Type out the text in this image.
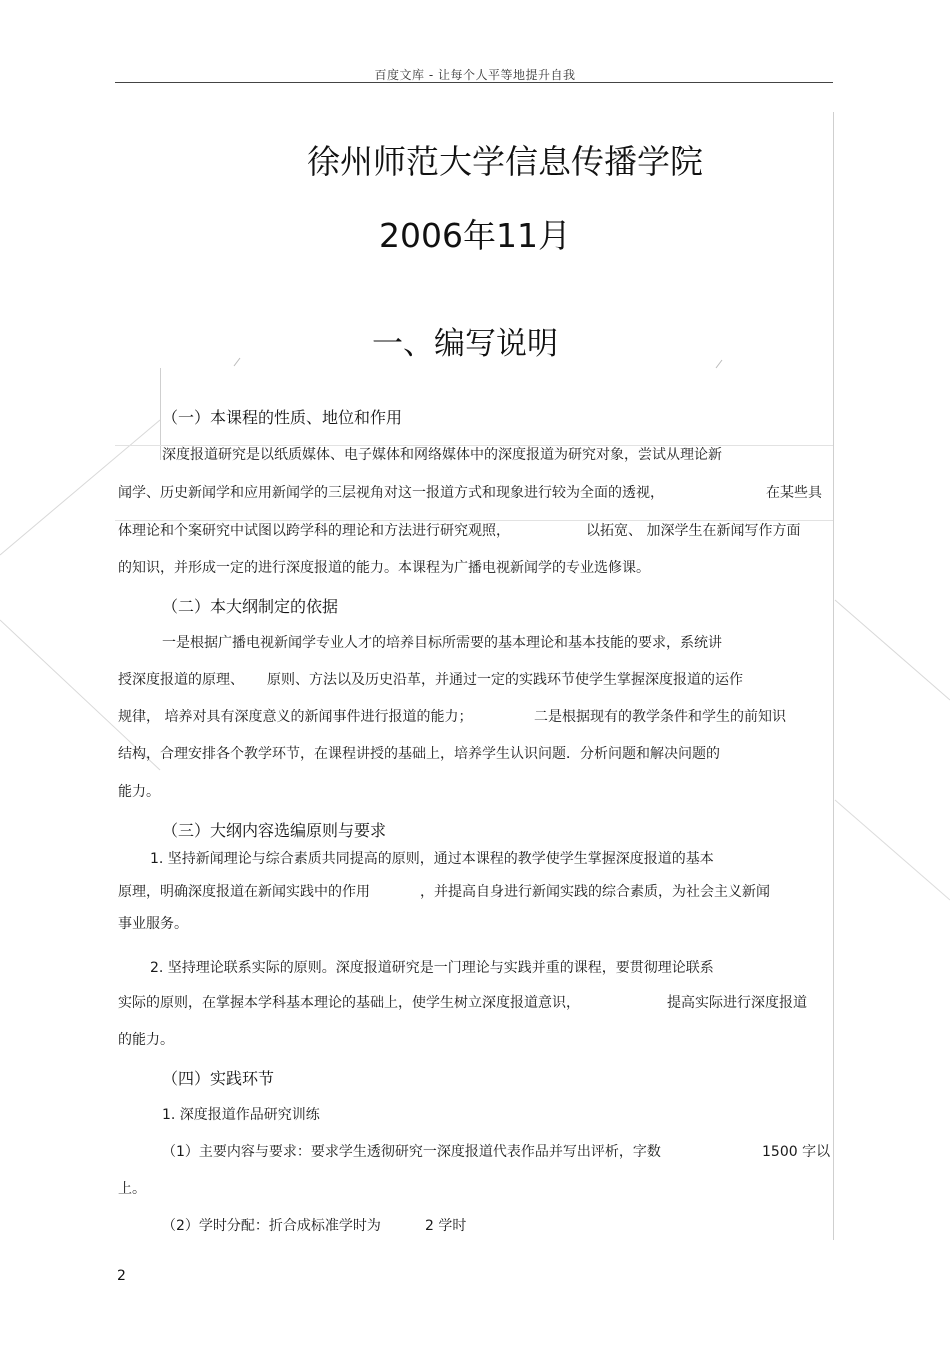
百度文库 - 让每个人平等地提升自我
徐州师范大学信息传播学院
2006年11月
一、编写说明
（一）本课程的性质、地位和作用
深度报道研究是以纸质媒体、电子媒体和网络媒体中的深度报道为研究对象，尝试从理论新
闻学、历史新闻学和应用新闻学的三层视角对这一报道方式和现象进行较为全面的透视，	在某些具
体理论和个案研究中试图以跨学科的理论和方法进行研究观照，	以拓宽、 加深学生在新闻写作方面
的知识，并形成一定的进行深度报道的能力。本课程为广播电视新闻学的专业选修课。
（二）本大纲制定的依据
一是根据广播电视新闻学专业人才的培养目标所需要的基本理论和基本技能的要求，系统讲
授深度报道的原理、 原则、方法以及历史沿革，并通过一定的实践环节使学生掌握深度报道的运作
规律， 培养对具有深度意义的新闻事件进行报道的能力；	二是根据现有的教学条件和学生的前知识
结构，合理安排各个教学环节，在课程讲授的基础上，培养学生认识问题．分析问题和解决问题的
能力。
（三）大纲内容选编原则与要求
1. 坚持新闻理论与综合素质共同提高的原则，通过本课程的教学使学生掌握深度报道的基本
原理，明确深度报道在新闻实践中的作用	，并提高自身进行新闻实践的综合素质，为社会主义新闻
事业服务。
2. 坚持理论联系实际的原则。深度报道研究是一门理论与实践并重的课程，要贯彻理论联系
实际的原则，在掌握本学科基本理论的基础上，使学生树立深度报道意识，	提高实际进行深度报道
的能力。
（四）实践环节
1. 深度报道作品研究训练
（1）主要内容与要求：要求学生透彻研究一深度报道代表作品并写出评析，字数	1500 字以
上。
（2）学时分配：折合成标准学时为	2 学时
2
